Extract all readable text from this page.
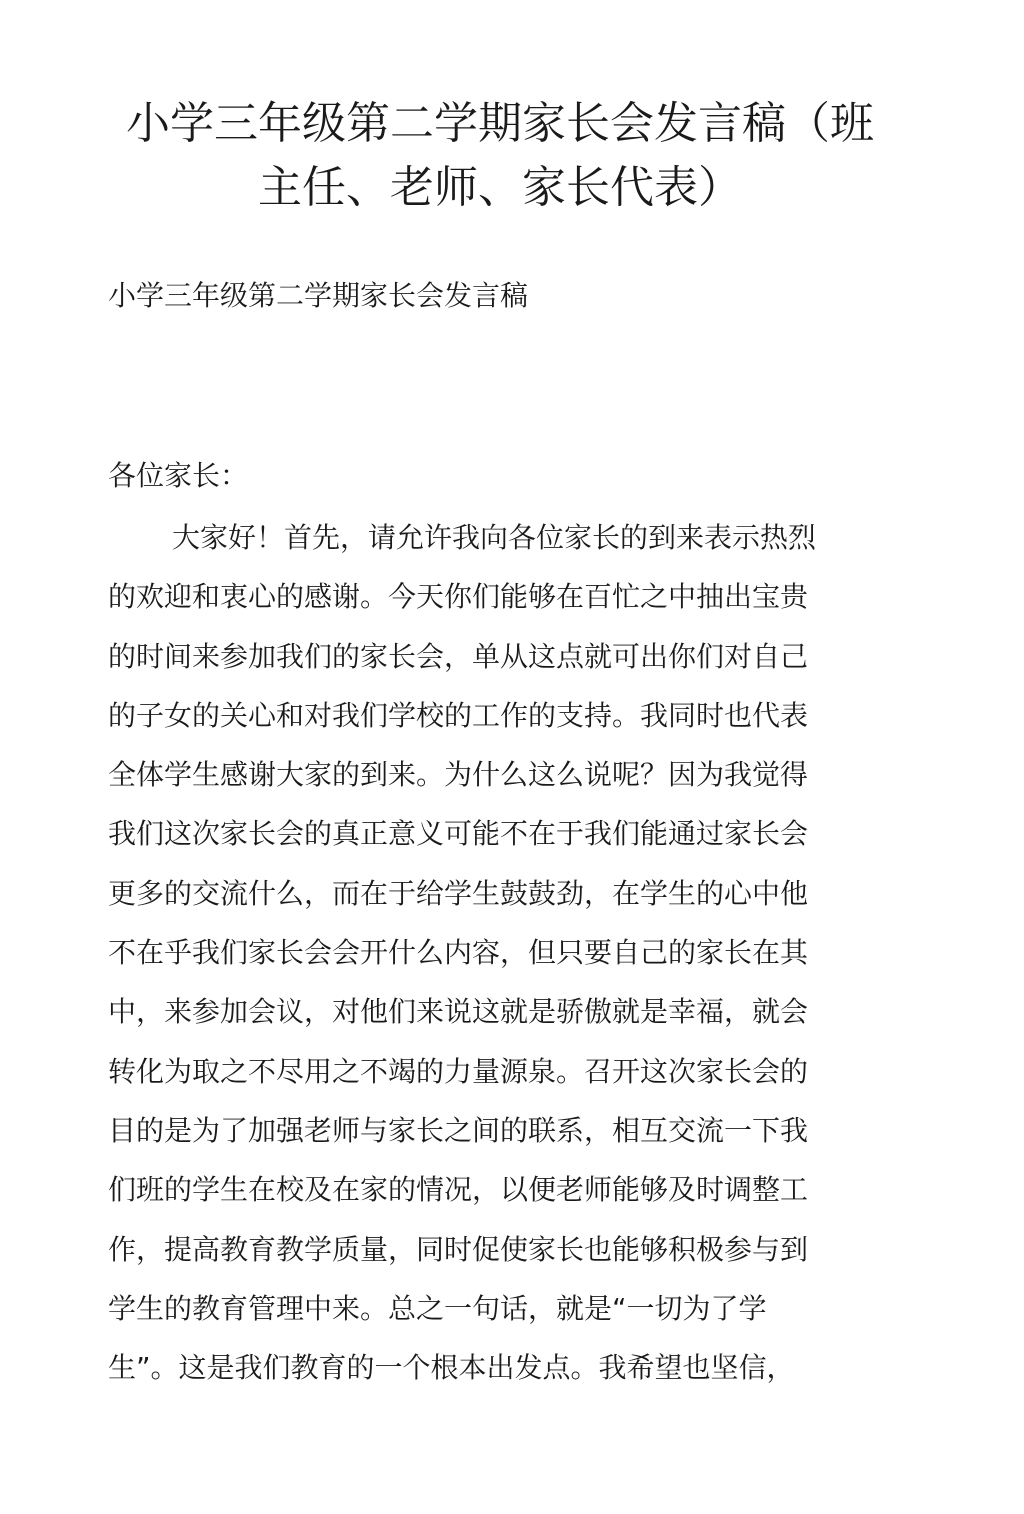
小学三年级第二学期家长会发言稿（班
主任、老师、家长代表）

小学三年级第二学期家长会发言稿

各位家长：

大家好！首先，请允许我向各位家长的到来表示热烈
的欢迎和衷心的感谢。今天你们能够在百忙之中抽出宝贵
的时间来参加我们的家长会，单从这点就可出你们对自己
的子女的关心和对我们学校的工作的支持。我同时也代表
全体学生感谢大家的到来。为什么这么说呢？因为我觉得
我们这次家长会的真正意义可能不在于我们能通过家长会
更多的交流什么，而在于给学生鼓鼓劲，在学生的心中他
不在乎我们家长会会开什么内容，但只要自己的家长在其
中，来参加会议，对他们来说这就是骄傲就是幸福，就会
转化为取之不尽用之不竭的力量源泉。召开这次家长会的
目的是为了加强老师与家长之间的联系，相互交流一下我
们班的学生在校及在家的情况，以便老师能够及时调整工
作，提高教育教学质量，同时促使家长也能够积极参与到
学生的教育管理中来。总之一句话，就是“一切为了学
生”。这是我们教育的一个根本出发点。我希望也坚信，
